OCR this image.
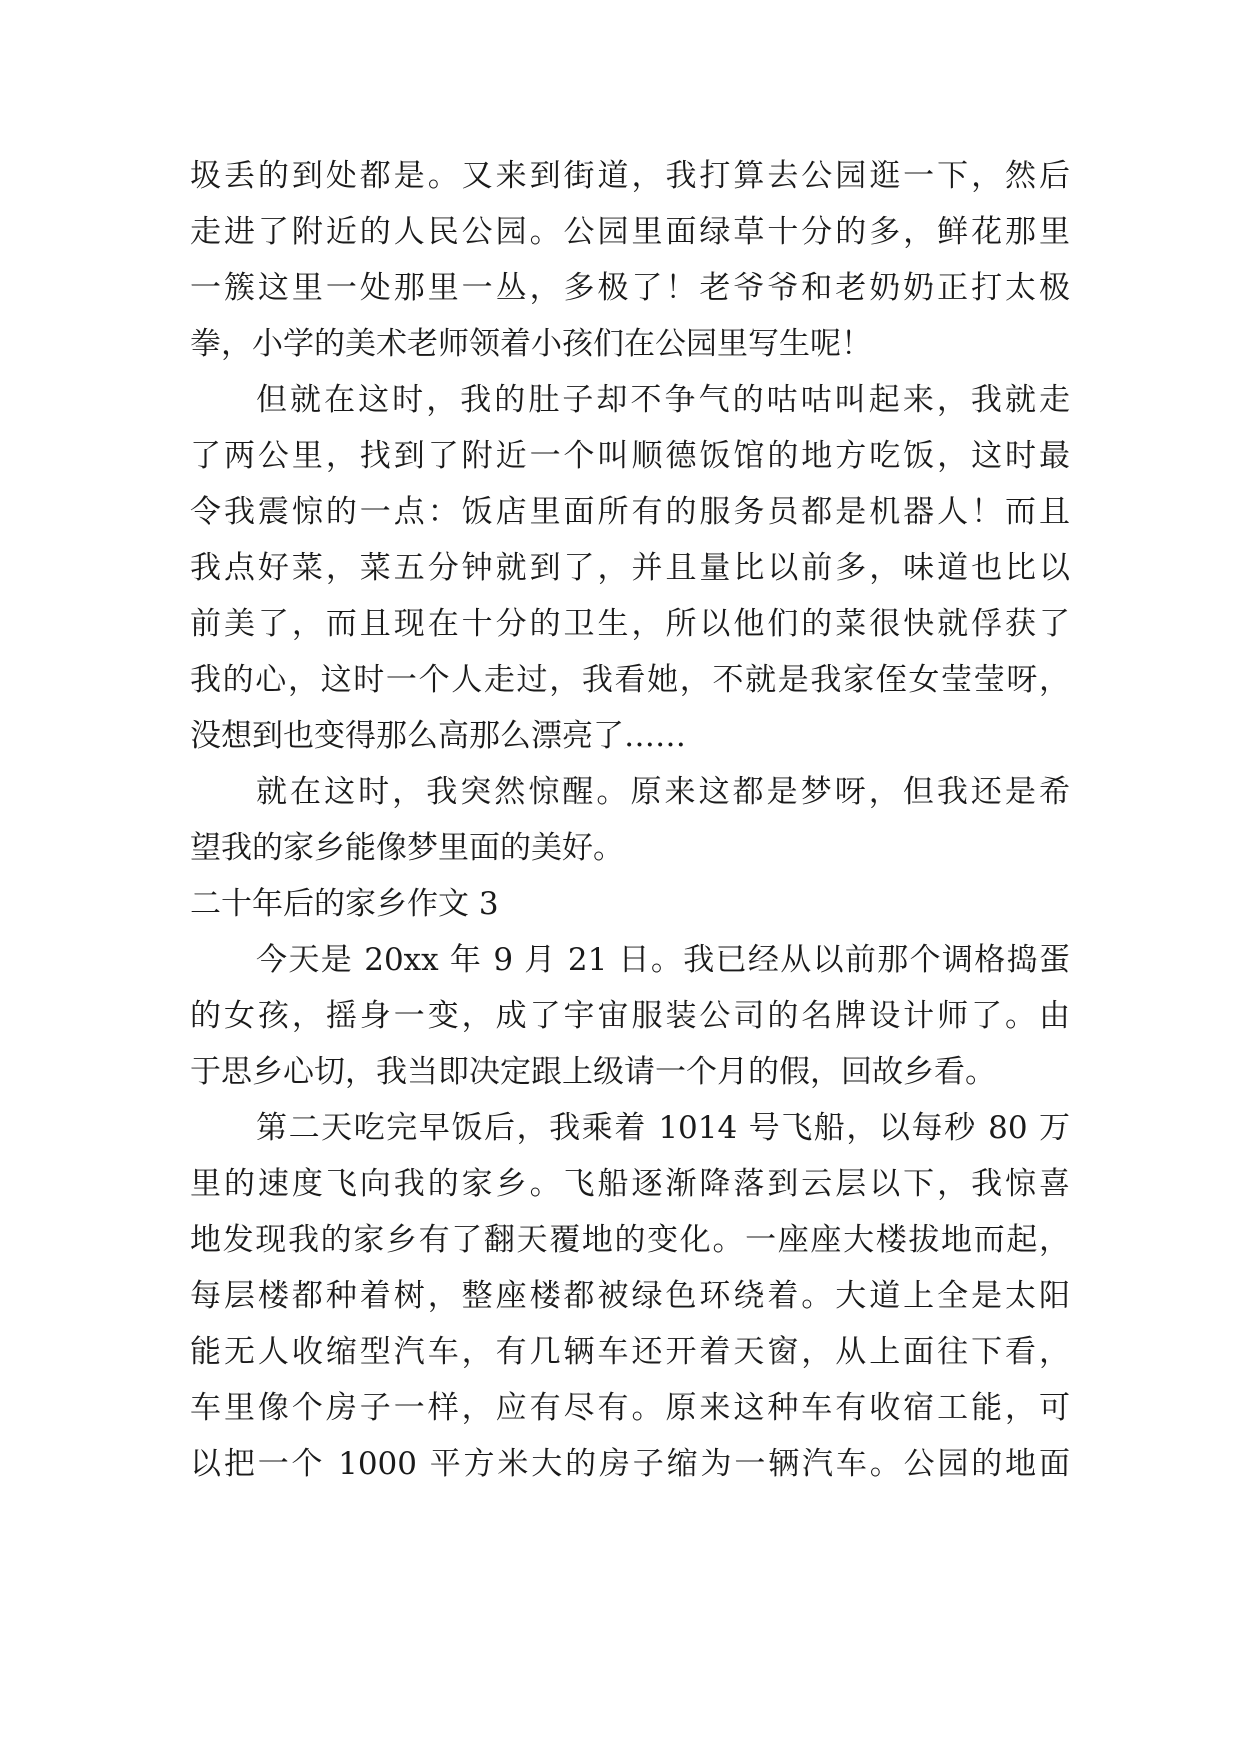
圾丢的到处都是。又来到街道，我打算去公园逛一下，然后
走进了附近的人民公园。公园里面绿草十分的多，鲜花那里
一簇这里一处那里一丛，多极了！老爷爷和老奶奶正打太极
拳，小学的美术老师领着小孩们在公园里写生呢！
但就在这时，我的肚子却不争气的咕咕叫起来，我就走
了两公里，找到了附近一个叫顺德饭馆的地方吃饭，这时最
令我震惊的一点：饭店里面所有的服务员都是机器人！而且
我点好菜，菜五分钟就到了，并且量比以前多，味道也比以
前美了，而且现在十分的卫生，所以他们的菜很快就俘获了
我的心，这时一个人走过，我看她，不就是我家侄女莹莹呀，
没想到也变得那么高那么漂亮了……
就在这时，我突然惊醒。原来这都是梦呀，但我还是希
望我的家乡能像梦里面的美好。
二十年后的家乡作文 3
今天是 20xx 年 9 月 21 日。我已经从以前那个调格捣蛋
的女孩，摇身一变，成了宇宙服装公司的名牌设计师了。由
于思乡心切，我当即决定跟上级请一个月的假，回故乡看。
第二天吃完早饭后，我乘着 1014 号飞船，以每秒 80 万
里的速度飞向我的家乡。飞船逐渐降落到云层以下，我惊喜
地发现我的家乡有了翻天覆地的变化。一座座大楼拔地而起，
每层楼都种着树，整座楼都被绿色环绕着。大道上全是太阳
能无人收缩型汽车，有几辆车还开着天窗，从上面往下看，
车里像个房子一样，应有尽有。原来这种车有收宿工能，可
以把一个 1000 平方米大的房子缩为一辆汽车。公园的地面
